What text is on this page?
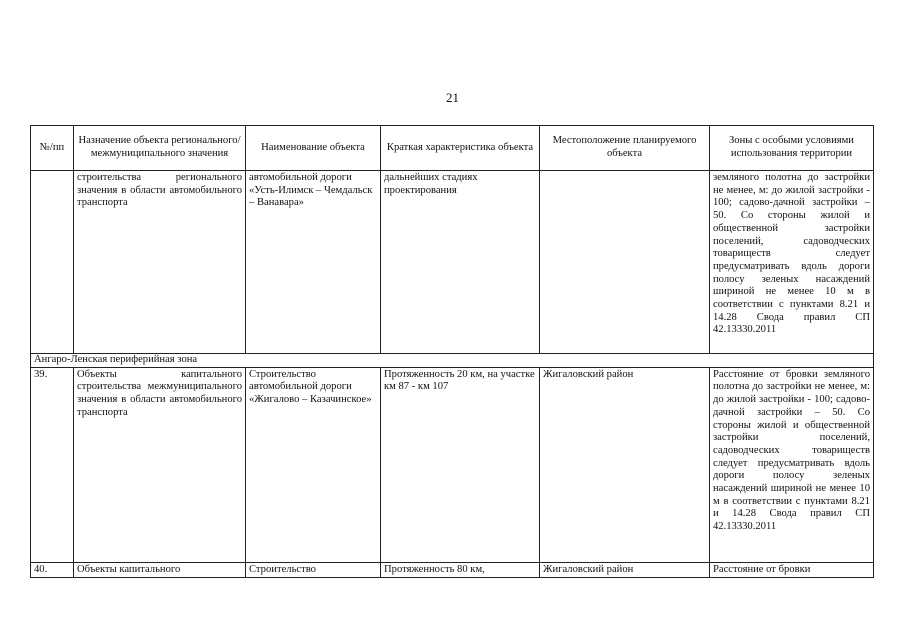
21
№/пп	Назначение объекта регионального/ межмуниципального значения	Наименование объекта	Краткая характеристика объекта	Местоположение планируемого объекта	Зоны с особыми условиями использования территории
	строительства регионального значения в области автомобильного транспорта	автомобильной дороги «Усть-Илимск – Чемдальск – Ванавара»	дальнейших стадиях проектирования		земляного полотна до застройки не менее, м: до жилой застройки - 100; садово-дачной застройки – 50. Со стороны жилой и общественной застройки поселений, садоводческих товариществ следует предусматривать вдоль дороги полосу зеленых насаждений шириной не менее 10 м в соответствии с пунктами 8.21 и 14.28 Свода правил СП 42.13330.2011
Ангаро-Ленская периферийная зона					
39.	Объекты капитального строительства межмуниципального значения в области автомобильного транспорта	Строительство автомобильной дороги «Жигалово – Казачинское»	Протяженность 20 км, на участке км 87 - км 107	Жигаловский район	Расстояние от бровки земляного полотна до застройки не менее, м: до жилой застройки - 100; садово-дачной застройки – 50. Со стороны жилой и общественной застройки поселений, садоводческих товариществ следует предусматривать вдоль дороги полосу зеленых насаждений шириной не менее 10 м в соответствии с пунктами 8.21 и 14.28 Свода правил СП 42.13330.2011
40.	Объекты капитального	Строительство	Протяженность 80 км,	Жигаловский район	Расстояние от бровки
